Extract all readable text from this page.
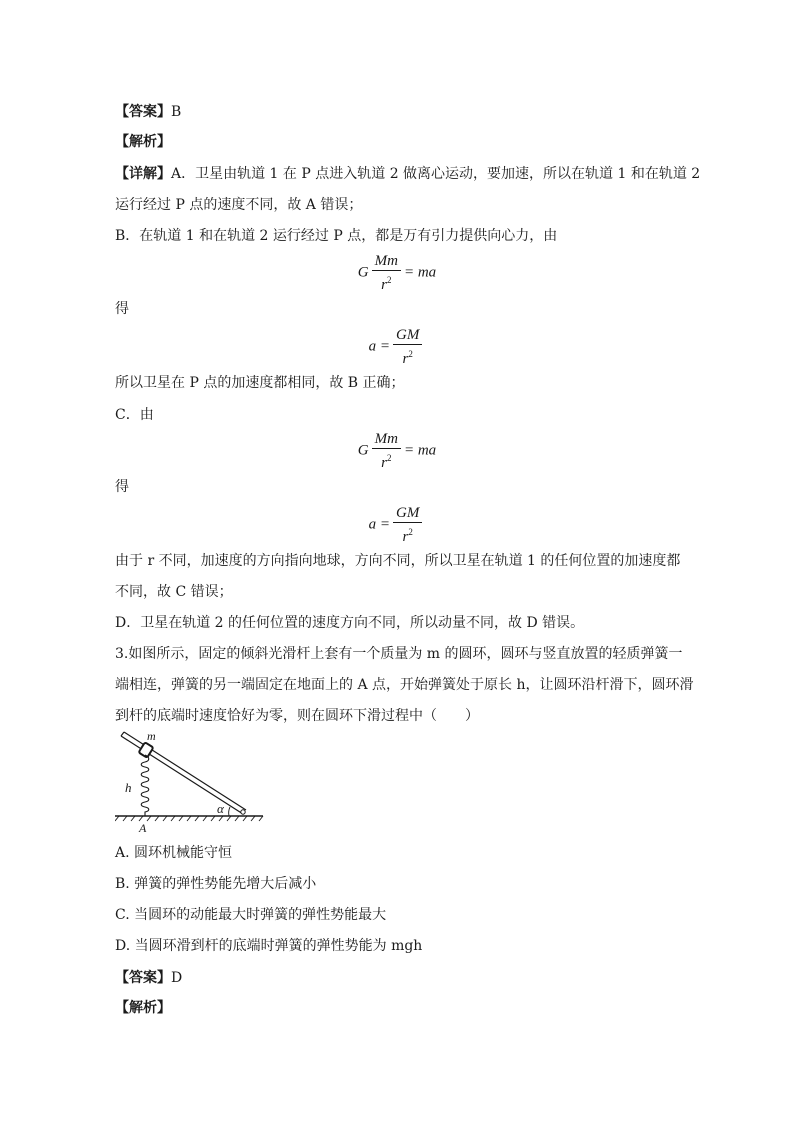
【答案】B
【解析】
【详解】A．卫星由轨道 1 在 P 点进入轨道 2 做离心运动，要加速，所以在轨道 1 和在轨道 2
运行经过 P 点的速度不同，故 A 错误；
B．在轨道 1 和在轨道 2 运行经过 P 点，都是万有引力提供向心力，由
G $\frac{Mm}{r^2}$ = ma
得
$a = \frac{GM}{r^2}$
所以卫星在 P 点的加速度都相同，故 B 正确；
C．由
G $\frac{Mm}{r^2}$ = ma
得
$a = \frac{GM}{r^2}$
由于 r 不同，加速度的方向指向地球，方向不同，所以卫星在轨道 1 的任何位置的加速度都
不同，故 C 错误；
D．卫星在轨道 2 的任何位置的速度方向不同，所以动量不同，故 D 错误。
3.如图所示，固定的倾斜光滑杆上套有一个质量为 m 的圆环，圆环与竖直放置的轻质弹簧一
端相连，弹簧的另一端固定在地面上的 A 点，开始弹簧处于原长 h，让圆环沿杆滑下，圆环滑
到杆的底端时速度恰好为零，则在圆环下滑过程中（　　）
m
h
α
A
A. 圆环机械能守恒
B. 弹簧的弹性势能先增大后减小
C. 当圆环的动能最大时弹簧的弹性势能最大
D. 当圆环滑到杆的底端时弹簧的弹性势能为 mgh
【答案】D
【解析】
